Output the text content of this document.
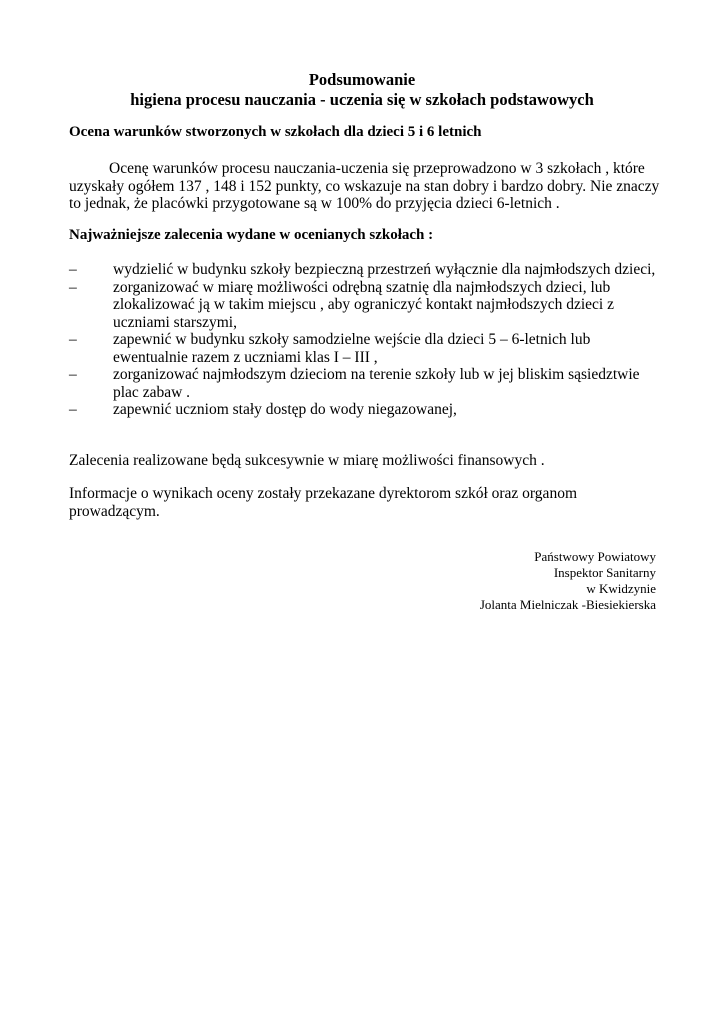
Podsumowanie
higiena procesu nauczania - uczenia się w szkołach podstawowych
Ocena warunków stworzonych w szkołach dla dzieci 5 i 6 letnich

Ocenę warunków procesu nauczania-uczenia się przeprowadzono w 3 szkołach , które uzyskały ogółem 137 , 148 i 152 punkty, co wskazuje na stan dobry i bardzo dobry. Nie znaczy to jednak, że placówki przygotowane są w 100% do przyjęcia dzieci 6-letnich .

Najważniejsze zalecenia wydane w ocenianych szkołach :
– wydzielić w budynku szkoły bezpieczną przestrzeń wyłącznie dla najmłodszych dzieci,
– zorganizować w miarę możliwości odrębną szatnię dla najmłodszych dzieci, lub zlokalizować ją w takim miejscu , aby ograniczyć kontakt najmłodszych dzieci z uczniami starszymi,
– zapewnić w budynku szkoły samodzielne wejście dla dzieci 5 – 6-letnich lub ewentualnie razem z uczniami klas I – III ,
– zorganizować najmłodszym dzieciom na terenie szkoły lub w jej bliskim sąsiedztwie plac zabaw .
– zapewnić uczniom stały dostęp do wody niegazowanej,

Zalecenia realizowane będą sukcesywnie w miarę możliwości finansowych .

Informacje o wynikach oceny zostały przekazane dyrektorom szkół oraz organom prowadzącym.

Państwowy Powiatowy
Inspektor Sanitarny
w Kwidzynie
Jolanta Mielniczak -Biesiekierska
